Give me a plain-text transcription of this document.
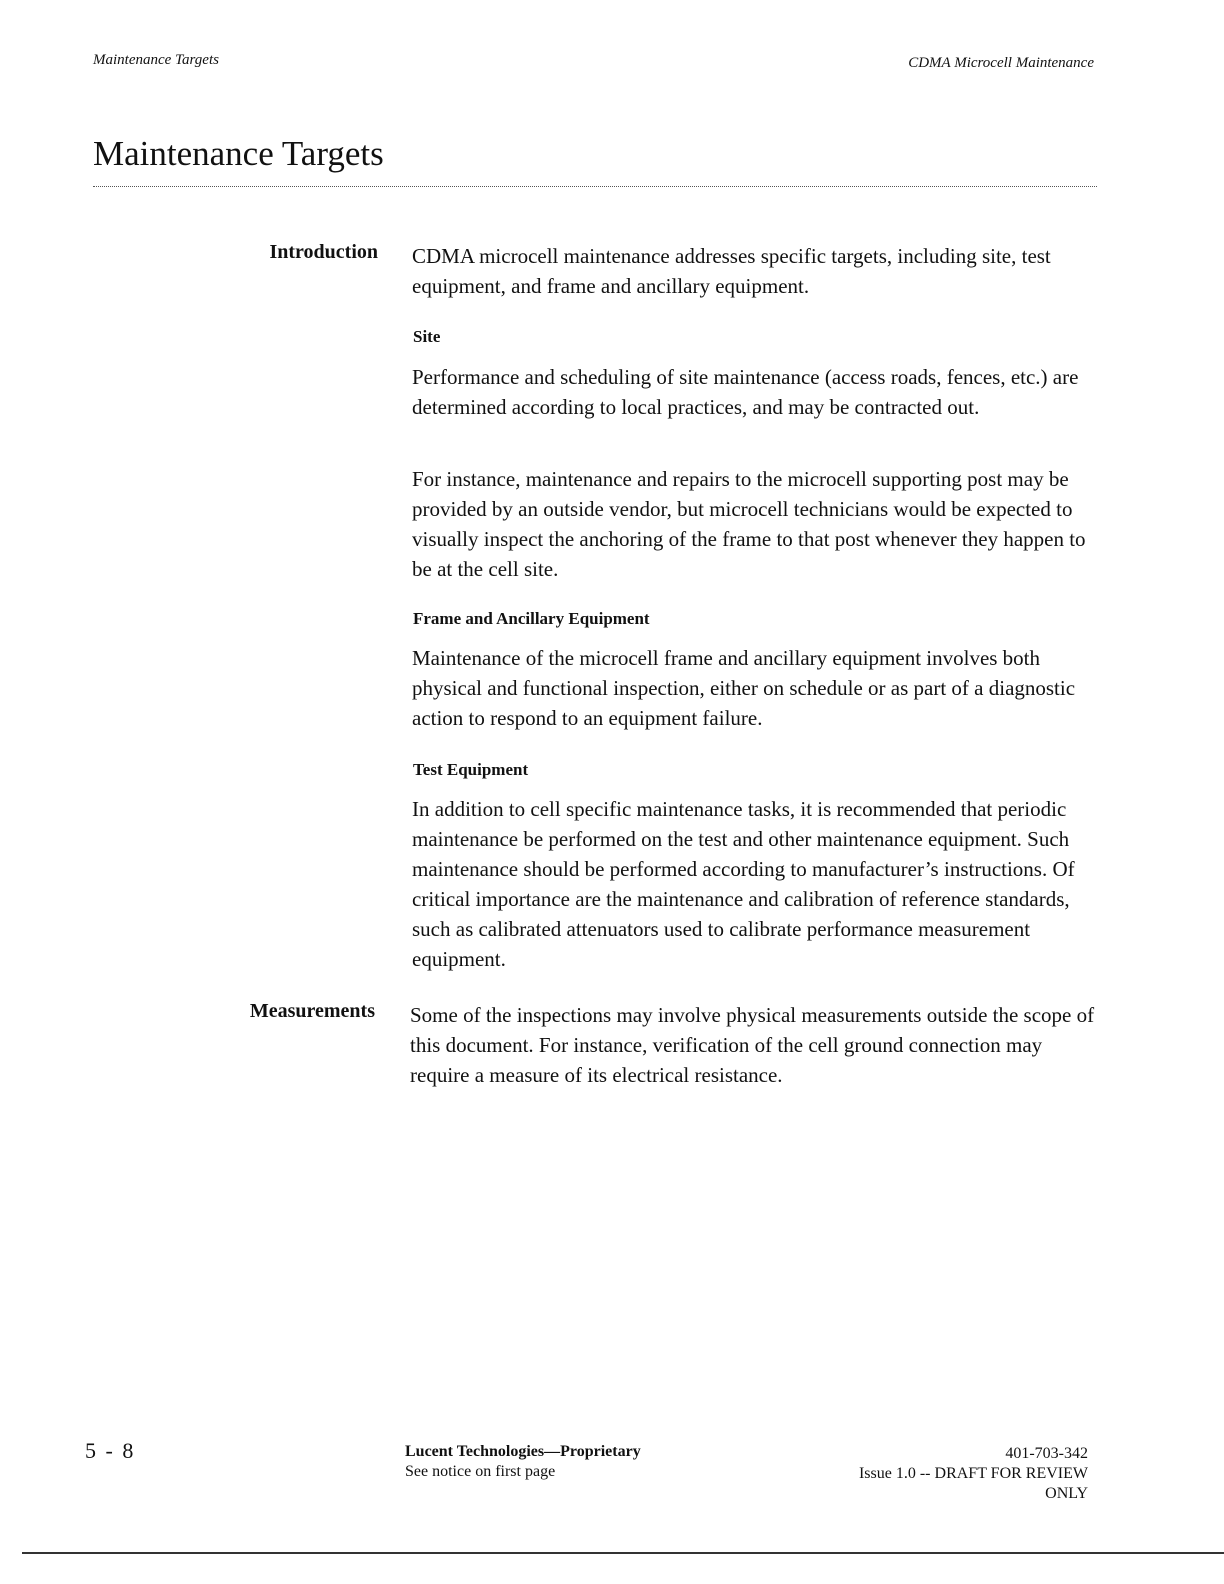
Maintenance Targets	CDMA Microcell Maintenance
Maintenance Targets
Introduction CDMA microcell maintenance addresses specific targets, including site, test equipment, and frame and ancillary equipment.

Site

Performance and scheduling of site maintenance (access roads, fences, etc.) are determined according to local practices, and may be contracted out.

For instance, maintenance and repairs to the microcell supporting post may be provided by an outside vendor, but microcell technicians would be expected to visually inspect the anchoring of the frame to that post whenever they happen to be at the cell site.

Frame and Ancillary Equipment

Maintenance of the microcell frame and ancillary equipment involves both physical and functional inspection, either on schedule or as part of a diagnostic action to respond to an equipment failure.

Test Equipment

In addition to cell specific maintenance tasks, it is recommended that periodic maintenance be performed on the test and other maintenance equipment. Such maintenance should be performed according to manufacturer’s instructions. Of critical importance are the maintenance and calibration of reference standards, such as calibrated attenuators used to calibrate performance measurement equipment.

Measurements Some of the inspections may involve physical measurements outside the scope of this document. For instance, verification of the cell ground connection may require a measure of its electrical resistance.

5 - 8	Lucent Technologies—Proprietary
See notice on first page
401-703-342
Issue 1.0 -- DRAFT FOR REVIEW
ONLY
